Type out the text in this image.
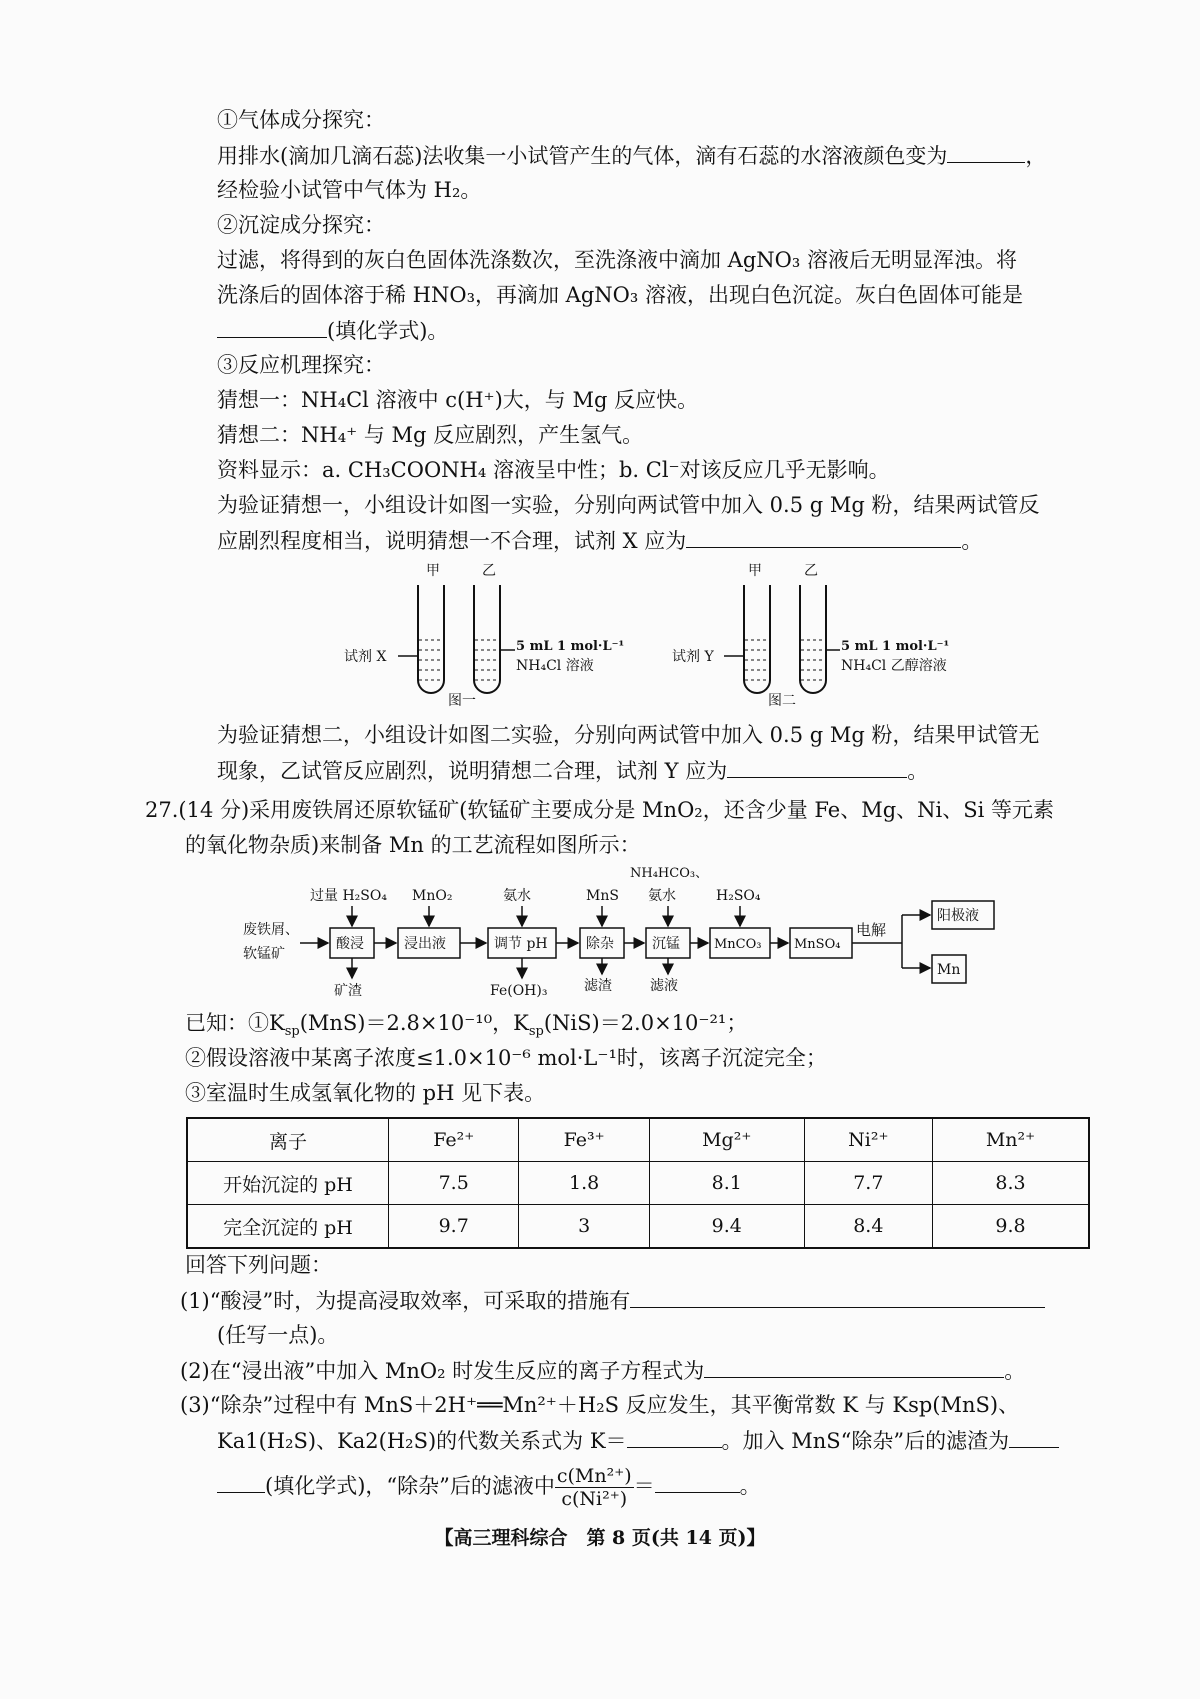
①气体成分探究：
用排水(滴加几滴石蕊)法收集一小试管产生的气体，滴有石蕊的水溶液颜色变为	，
经检验小试管中气体为 H₂。
②沉淀成分探究：
过滤，将得到的灰白色固体洗涤数次，至洗涤液中滴加 AgNO₃ 溶液后无明显浑浊。将
洗涤后的固体溶于稀 HNO₃，再滴加 AgNO₃ 溶液，出现白色沉淀。灰白色固体可能是
(填化学式)。
③反应机理探究：
猜想一：NH₄Cl 溶液中 c(H⁺)大，与 Mg 反应快。
猜想二：NH₄⁺ 与 Mg 反应剧烈，产生氢气。
资料显示：a. CH₃COONH₄ 溶液呈中性；b. Cl⁻对该反应几乎无影响。
为验证猜想一，小组设计如图一实验，分别向两试管中加入 0.5 g Mg 粉，结果两试管反
应剧烈程度相当，说明猜想一不合理，试剂 X 应为	。
甲	乙
试剂 X
5 mL 1 mol·L⁻¹
NH₄Cl 溶液
图一
甲	乙
试剂 Y
5 mL 1 mol·L⁻¹
NH₄Cl 乙醇溶液
图二
为验证猜想二，小组设计如图二实验，分别向两试管中加入 0.5 g Mg 粉，结果甲试管无
现象，乙试管反应剧烈，说明猜想二合理，试剂 Y 应为	。
27.(14 分)采用废铁屑还原软锰矿(软锰矿主要成分是 MnO₂，还含少量 Fe、Mg、Ni、Si 等元素
的氧化物杂质)来制备 Mn 的工艺流程如图所示：
废铁屑、
软锰矿
酸浸	浸出液	调节 pH	除杂	沉锰	MnCO₃	MnSO₄
电解
阳极液
Mn
过量 H₂SO₄ MnO₂	氨水	MnS
NH₄HCO₃、
氨水	H₂SO₄
矿渣	Fe(OH)₃	滤渣	滤液
已知：$①K_{sp}(MnS)=2.8\times 10^{-10}$，$K_{sp}(NiS)=2.0\times 10^{-21}$；
②假设溶液中某离子浓度≤1.0×10⁻⁶ mol·L⁻¹时，该离子沉淀完全；
③室温时生成氢氧化物的 pH 见下表。
离子	Fe²⁺	Fe³⁺	Mg²⁺	Ni²⁺	Mn²⁺
开始沉淀的 pH	7.5	1.8	8.1	7.7	8.3
完全沉淀的 pH	9.7	3	9.4	8.4	9.8
回答下列问题：
(1)“酸浸”时，为提高浸取效率，可采取的措施有
(任写一点)。
(2)在“浸出液”中加入 MnO₂ 时发生反应的离子方程式为	。
(3)“除杂”过程中有 MnS＋2H⁺══Mn²⁺＋H₂S 反应发生，其平衡常数 K 与 Ksp(MnS)、
Ka1(H₂S)、Ka2(H₂S)的代数关系式为 K＝	。加入 MnS“除杂”后的滤渣为
(填化学式)，“除杂”后的滤液中 $\frac{\text{c(Mn²⁺)}}{\text{c(Ni²⁺)}}$ ＝	。
【高三理科综合　第 8 页(共 14 页)】
